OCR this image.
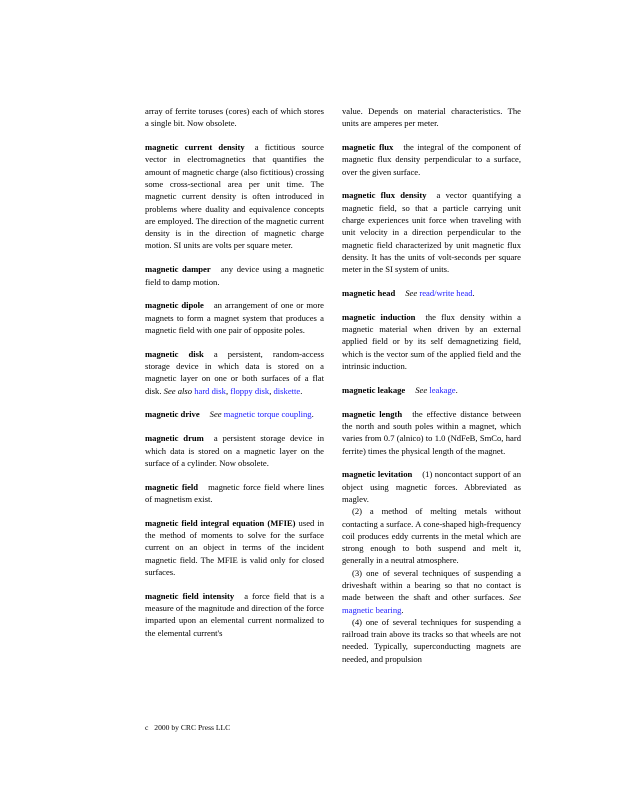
array of ferrite toruses (cores) each of which stores a single bit. Now obsolete.

magnetic current density a fictitious source vector in electromagnetics that quantifies the amount of magnetic charge (also fictitious) crossing some cross-sectional area per unit time. The magnetic current density is often introduced in problems where duality and equivalence concepts are employed. The direction of the magnetic current density is in the direction of magnetic charge motion. SI units are volts per square meter.

magnetic damper any device using a magnetic field to damp motion.

magnetic dipole an arrangement of one or more magnets to form a magnet system that produces a magnetic field with one pair of opposite poles.

magnetic disk a persistent, random-access storage device in which data is stored on a magnetic layer on one or both surfaces of a flat disk. See also hard disk, floppy disk, diskette.

magnetic drive See magnetic torque coupling.

magnetic drum a persistent storage device in which data is stored on a magnetic layer on the surface of a cylinder. Now obsolete.

magnetic field magnetic force field where lines of magnetism exist.

magnetic field integral equation (MFIE) used in the method of moments to solve for the surface current on an object in terms of the incident magnetic field. The MFIE is valid only for closed surfaces.

magnetic field intensity a force field that is a measure of the magnitude and direction of the force imparted upon an elemental current normalized to the elemental current's

value. Depends on material characteristics. The units are amperes per meter.

magnetic flux the integral of the component of magnetic flux density perpendicular to a surface, over the given surface.

magnetic flux density a vector quantifying a magnetic field, so that a particle carrying unit charge experiences unit force when traveling with unit velocity in a direction perpendicular to the magnetic field characterized by unit magnetic flux density. It has the units of volt-seconds per square meter in the SI system of units.

magnetic head See read/write head.

magnetic induction the flux density within a magnetic material when driven by an external applied field or by its self demagnetizing field, which is the vector sum of the applied field and the intrinsic induction.

magnetic leakage See leakage.

magnetic length the effective distance between the north and south poles within a magnet, which varies from 0.7 (alnico) to 1.0 (NdFeB, SmCo, hard ferrite) times the physical length of the magnet.

magnetic levitation (1) noncontact support of an object using magnetic forces. Abbreviated as maglev.

(2) a method of melting metals without contacting a surface. A cone-shaped high-frequency coil produces eddy currents in the metal which are strong enough to both suspend and melt it, generally in a neutral atmosphere.

(3) one of several techniques of suspending a driveshaft within a bearing so that no contact is made between the shaft and other surfaces. See magnetic bearing.

(4) one of several techniques for suspending a railroad train above its tracks so that wheels are not needed. Typically, superconducting magnets are needed, and propulsion

c⃝2000 by CRC Press LLC
